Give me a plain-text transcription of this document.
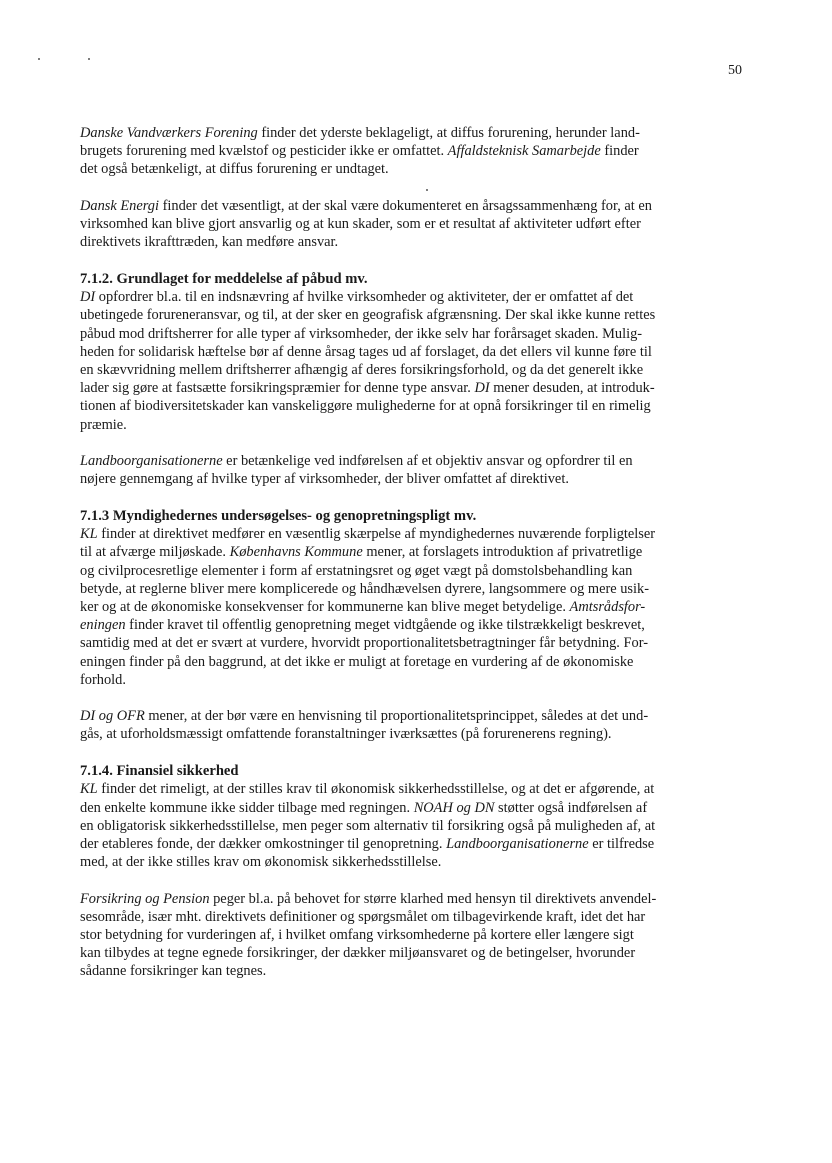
50
Danske Vandværkers Forening finder det yderste beklageligt, at diffus forurening, herunder land-
brugets forurening med kvælstof og pesticider ikke er omfattet. Affaldsteknisk Samarbejde finder
det også betænkeligt, at diffus forurening er undtaget.
Dansk Energi finder det væsentligt, at der skal være dokumenteret en årsagssammenhæng for, at en
virksomhed kan blive gjort ansvarlig og at kun skader, som er et resultat af aktiviteter udført efter
direktivets ikrafttræden, kan medføre ansvar.
7.1.2. Grundlaget for meddelelse af påbud mv.
DI opfordrer bl.a. til en indsnævring af hvilke virksomheder og aktiviteter, der er omfattet af det
ubetingede forureneransvar, og til, at der sker en geografisk afgrænsning. Der skal ikke kunne rettes
påbud mod driftsherrer for alle typer af virksomheder, der ikke selv har forårsaget skaden. Mulig-
heden for solidarisk hæftelse bør af denne årsag tages ud af forslaget, da det ellers vil kunne føre til
en skævvridning mellem driftsherrer afhængig af deres forsikringsforhold, og da det generelt ikke
lader sig gøre at fastsætte forsikringspræmier for denne type ansvar. DI mener desuden, at introduk-
tionen af biodiversitetskader kan vanskeliggøre mulighederne for at opnå forsikringer til en rimelig
præmie.
Landboorganisationerne er betænkelige ved indførelsen af et objektiv ansvar og opfordrer til en
nøjere gennemgang af hvilke typer af virksomheder, der bliver omfattet af direktivet.
7.1.3 Myndighedernes undersøgelses- og genopretningspligt mv.
KL finder at direktivet medfører en væsentlig skærpelse af myndighedernes nuværende forpligtelser
til at afværge miljøskade. Københavns Kommune mener, at forslagets introduktion af privatretlige
og civilprocesretlige elementer i form af erstatningsret og øget vægt på domstolsbehandling kan
betyde, at reglerne bliver mere komplicerede og håndhævelsen dyrere, langsommere og mere usik-
ker og at de økonomiske konsekvenser for kommunerne kan blive meget betydelige. Amtsrådsfor-
eningen finder kravet til offentlig genopretning meget vidtgående og ikke tilstrækkeligt beskrevet,
samtidig med at det er svært at vurdere, hvorvidt proportionalitetsbetragtninger får betydning. For-
eningen finder på den baggrund, at det ikke er muligt at foretage en vurdering af de økonomiske
forhold.
DI og OFR mener, at der bør være en henvisning til proportionalitetsprincippet, således at det und-
gås, at uforholdsmæssigt omfattende foranstaltninger iværksættes (på forurenerens regning).
7.1.4. Finansiel sikkerhed
KL finder det rimeligt, at der stilles krav til økonomisk sikkerhedsstillelse, og at det er afgørende, at
den enkelte kommune ikke sidder tilbage med regningen. NOAH og DN støtter også indførelsen af
en obligatorisk sikkerhedsstillelse, men peger som alternativ til forsikring også på muligheden af, at
der etableres fonde, der dækker omkostninger til genopretning. Landboorganisationerne er tilfredse
med, at der ikke stilles krav om økonomisk sikkerhedsstillelse.
Forsikring og Pension peger bl.a. på behovet for større klarhed med hensyn til direktivets anvendel-
sesområde, især mht. direktivets definitioner og spørgsmålet om tilbagevirkende kraft, idet det har
stor betydning for vurderingen af, i hvilket omfang virksomhederne på kortere eller længere sigt
kan tilbydes at tegne egnede forsikringer, der dækker miljøansvaret og de betingelser, hvorunder
sådanne forsikringer kan tegnes.
